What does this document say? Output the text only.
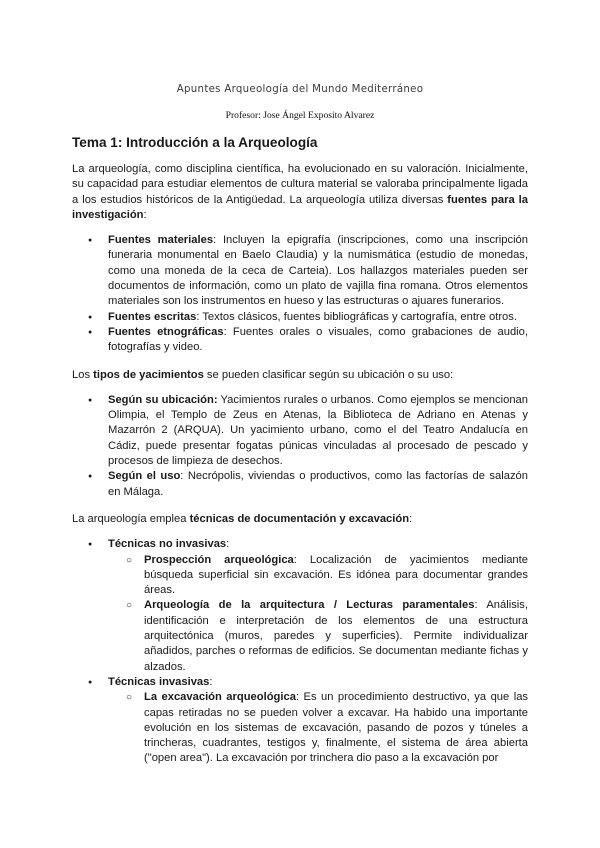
Apuntes Arqueología del Mundo Mediterráneo
Profesor: Jose Ángel Exposito Alvarez
Tema 1: Introducción a la Arqueología

La arqueología, como disciplina científica, ha evolucionado en su valoración. Inicialmente, su capacidad para estudiar elementos de cultura material se valoraba principalmente ligada a los estudios históricos de la Antigüedad. La arqueología utiliza diversas fuentes para la investigación:

● Fuentes materiales: Incluyen la epigrafía (inscripciones, como una inscripción funeraria monumental en Baelo Claudia) y la numismática (estudio de monedas, como una moneda de la ceca de Carteia). Los hallazgos materiales pueden ser documentos de información, como un plato de vajilla fina romana. Otros elementos materiales son los instrumentos en hueso y las estructuras o ajuares funerarios.
● Fuentes escritas: Textos clásicos, fuentes bibliográficas y cartografía, entre otros.
● Fuentes etnográficas: Fuentes orales o visuales, como grabaciones de audio, fotografías y video.

Los tipos de yacimientos se pueden clasificar según su ubicación o su uso:

● Según su ubicación: Yacimientos rurales o urbanos. Como ejemplos se mencionan Olimpia, el Templo de Zeus en Atenas, la Biblioteca de Adriano en Atenas y Mazarrón 2 (ARQUA). Un yacimiento urbano, como el del Teatro Andalucía en Cádiz, puede presentar fogatas púnicas vinculadas al procesado de pescado y procesos de limpieza de desechos.
● Según el uso: Necrópolis, viviendas o productivos, como las factorías de salazón en Málaga.

La arqueología emplea técnicas de documentación y excavación:

● Técnicas no invasivas:
○ Prospección arqueológica: Localización de yacimientos mediante búsqueda superficial sin excavación. Es idónea para documentar grandes áreas.
○ Arqueología de la arquitectura / Lecturas paramentales: Análisis, identificación e interpretación de los elementos de una estructura arquitectónica (muros, paredes y superficies). Permite individualizar añadidos, parches o reformas de edificios. Se documentan mediante fichas y alzados.
● Técnicas invasivas:
○ La excavación arqueológica: Es un procedimiento destructivo, ya que las capas retiradas no se pueden volver a excavar. Ha habido una importante evolución en los sistemas de excavación, pasando de pozos y túneles a trincheras, cuadrantes, testigos y, finalmente, el sistema de área abierta ("open area"). La excavación por trinchera dio paso a la excavación por
